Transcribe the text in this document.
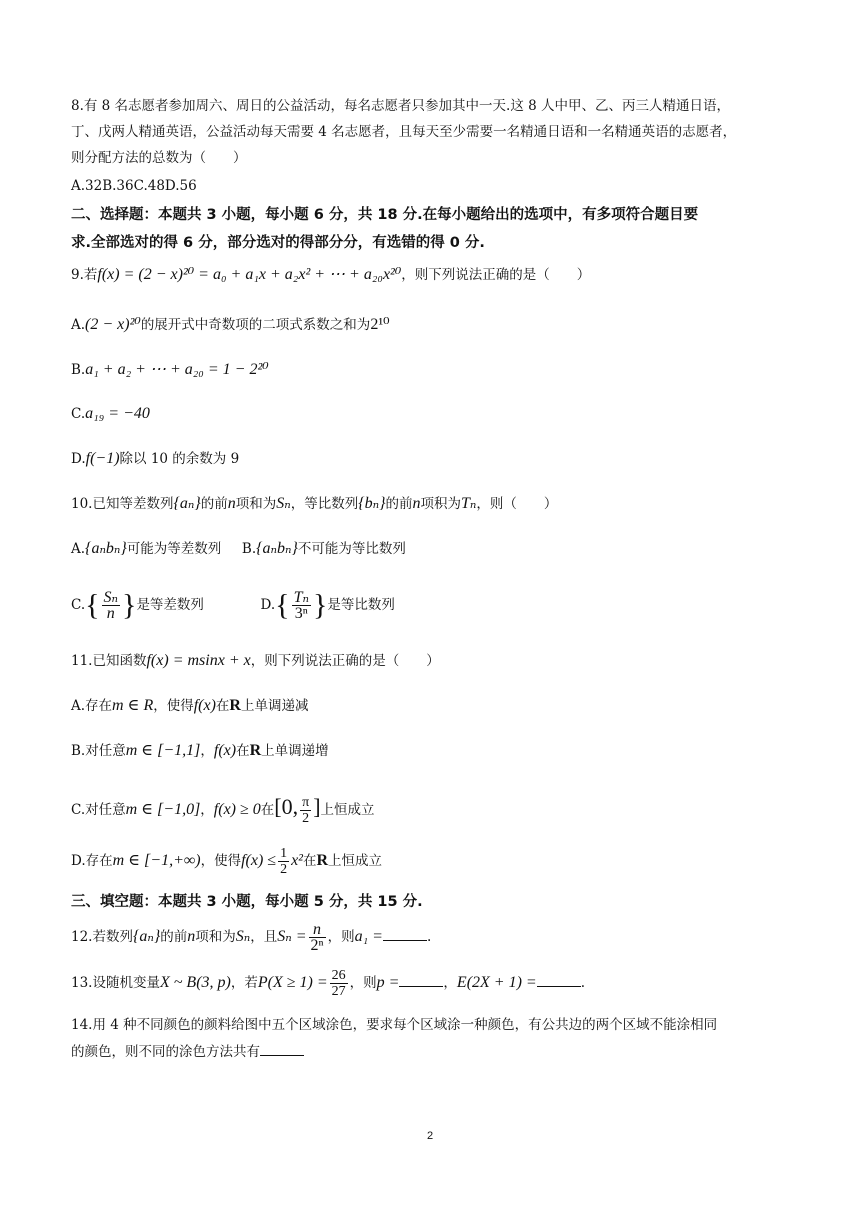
8.有 8 名志愿者参加周六、周日的公益活动，每名志愿者只参加其中一天.这 8 人中甲、乙、丙三人精通日语，
丁、戊两人精通英语，公益活动每天需要 4 名志愿者，且每天至少需要一名精通日语和一名精通英语的志愿者，
则分配方法的总数为（　　）
A.32B.36C.48D.56
二、选择题：本题共 3 小题，每小题 6 分，共 18 分.在每小题给出的选项中，有多项符合题目要
求.全部选对的得 6 分，部分选对的得部分分，有选错的得 0 分.
9.若f(x) = (2 − x)²⁰ = a₀ + a₁x + a₂x² + ⋯ + a₂₀x²⁰，则下列说法正确的是（　　）
A.(2 − x)²⁰的展开式中奇数项的二项式系数之和为2¹⁰
B.a₁ + a₂ + ⋯ + a₂₀ = 1 − 2²⁰
C.a₁₉ = −40
D.f(−1)除以 10 的余数为 9
10.已知等差数列{aₙ}的前n项和为Sₙ，等比数列{bₙ}的前n项积为Tₙ，则（　　）
A.{aₙbₙ}可能为等差数列 B.{aₙbₙ}不可能为等比数列
$C.\{ \frac{\text{Sₙ}}{n}$ }是等差数列	$D.\{ \frac{\text{Tₙ}}{\text{3ⁿ}}$ }是等比数列
11.已知函数f(x) = msinx + x，则下列说法正确的是（　　）
A.存在m ∈ R，使得f(x)在R上单调递减
B.对任意m ∈ [−1,1]，f(x)在R上单调递增
C.对任意m ∈ [−1,0]，f(x) ≥ 0在[0, $\frac{\pi}{2}$ ]上恒成立
D.存在m ∈ [−1,+∞)，使得$f(x) \le \frac{1}{2} x^2$在R上恒成立
三、填空题：本题共 3 小题，每小题 5 分，共 15 分.
12.若数列{aₙ}的前n项和为Sₙ，且$S_n = \frac{n}{\text{2ⁿ}}$ ，则a₁ =	.
13.设随机变量X ~ B(3, p)，若$P(X \ge 1) = \frac{26}{27}$ ，则p =	，E(2X + 1) =	.
14.用 4 种不同颜色的颜料给图中五个区域涂色，要求每个区域涂一种颜色，有公共边的两个区域不能涂相同
的颜色，则不同的涂色方法共有
2
